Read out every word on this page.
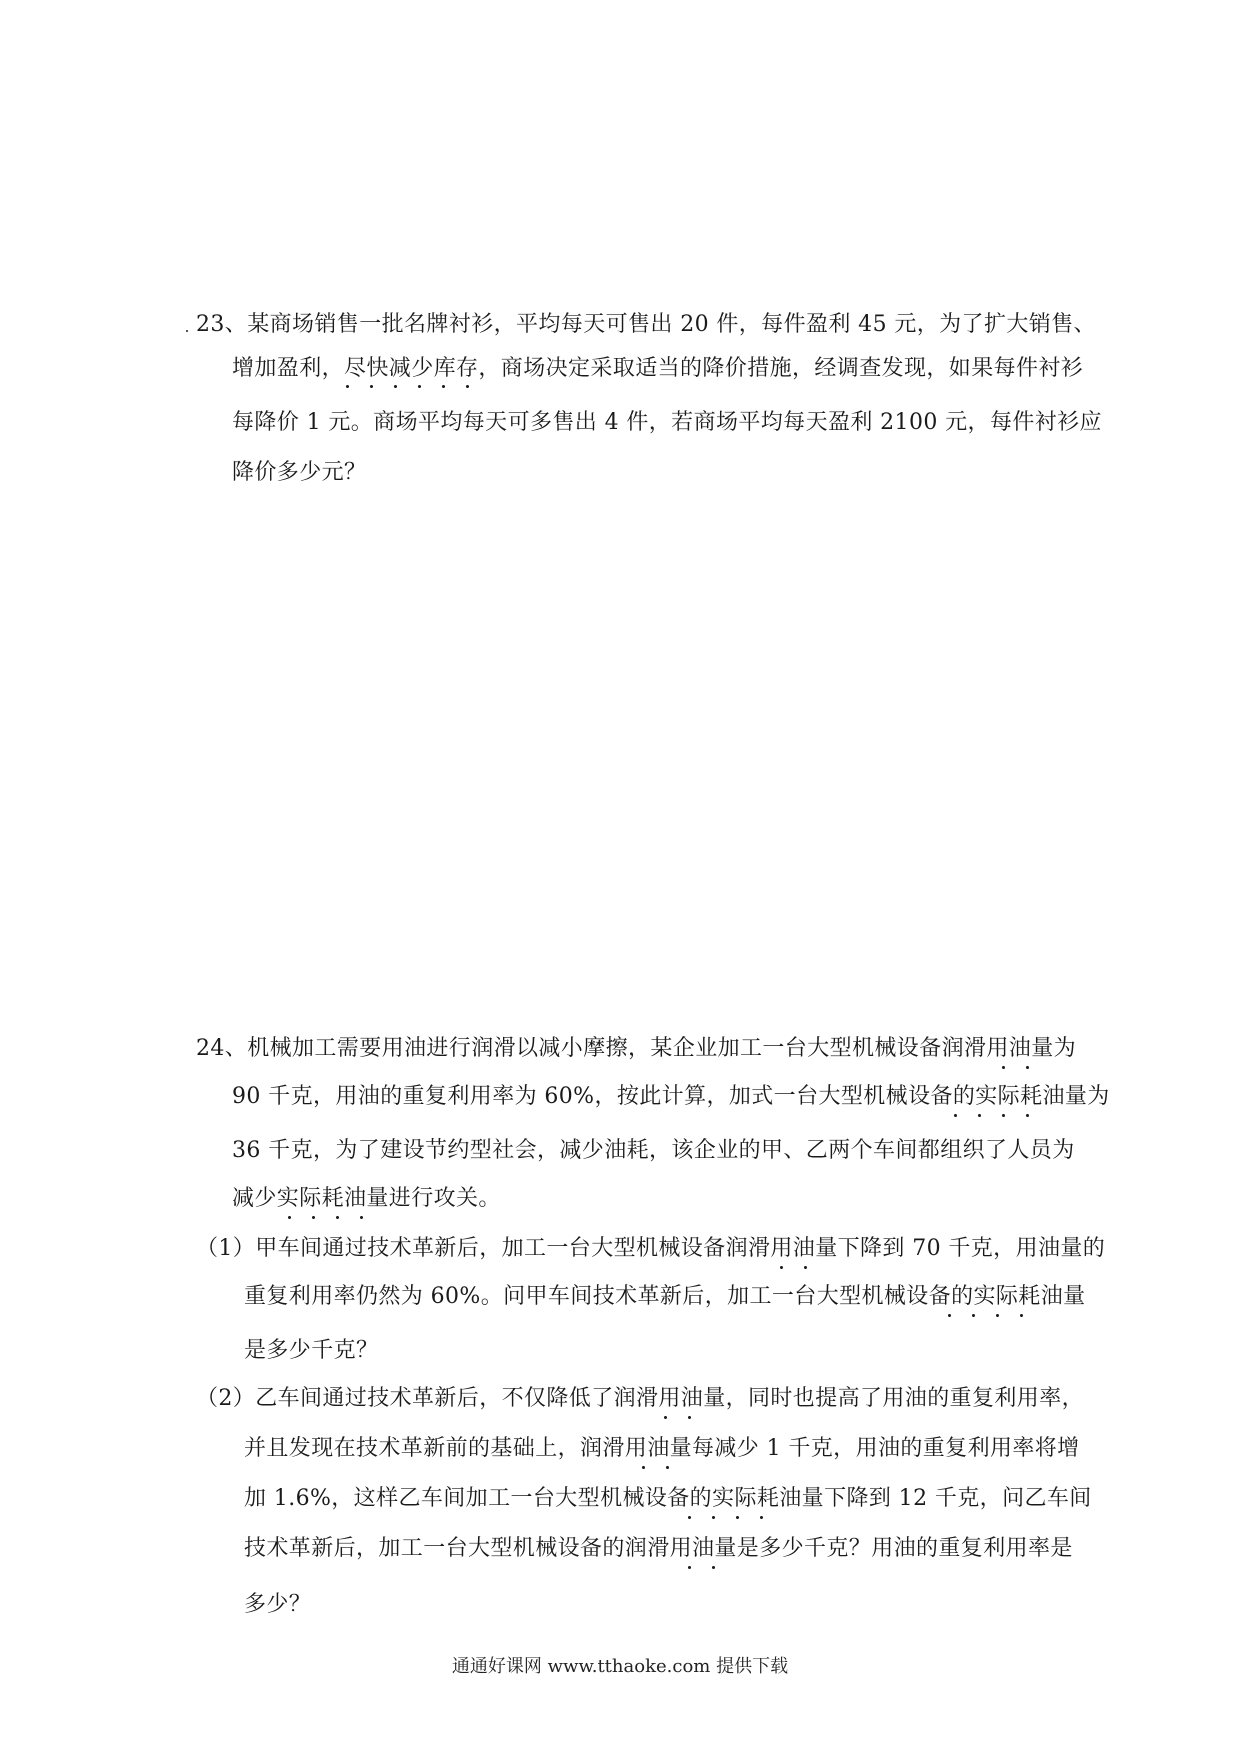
23、某商场销售一批名牌衬衫，平均每天可售出 20 件，每件盈利 45 元，为了扩大销售、
增加盈利，尽快减少库存，商场决定采取适当的降价措施，经调查发现，如果每件衬衫
每降价 1 元。商场平均每天可多售出 4 件，若商场平均每天盈利 2100 元，每件衬衫应
降价多少元？
24、机械加工需要用油进行润滑以减小摩擦，某企业加工一台大型机械设备润滑用油量为
90 千克，用油的重复利用率为 60%，按此计算，加式一台大型机械设备的实际耗油量为
36 千克，为了建设节约型社会，减少油耗，该企业的甲、乙两个车间都组织了人员为
减少实际耗油量进行攻关。
（1）甲车间通过技术革新后，加工一台大型机械设备润滑用油量下降到 70 千克，用油量的
重复利用率仍然为 60%。问甲车间技术革新后，加工一台大型机械设备的实际耗油量
是多少千克？
（2）乙车间通过技术革新后，不仅降低了润滑用油量，同时也提高了用油的重复利用率，
并且发现在技术革新前的基础上，润滑用油量每减少 1 千克，用油的重复利用率将增
加 1.6%，这样乙车间加工一台大型机械设备的实际耗油量下降到 12 千克，问乙车间
技术革新后，加工一台大型机械设备的润滑用油量是多少千克？用油的重复利用率是
多少？
通通好课网 www.tthaoke.com 提供下载
